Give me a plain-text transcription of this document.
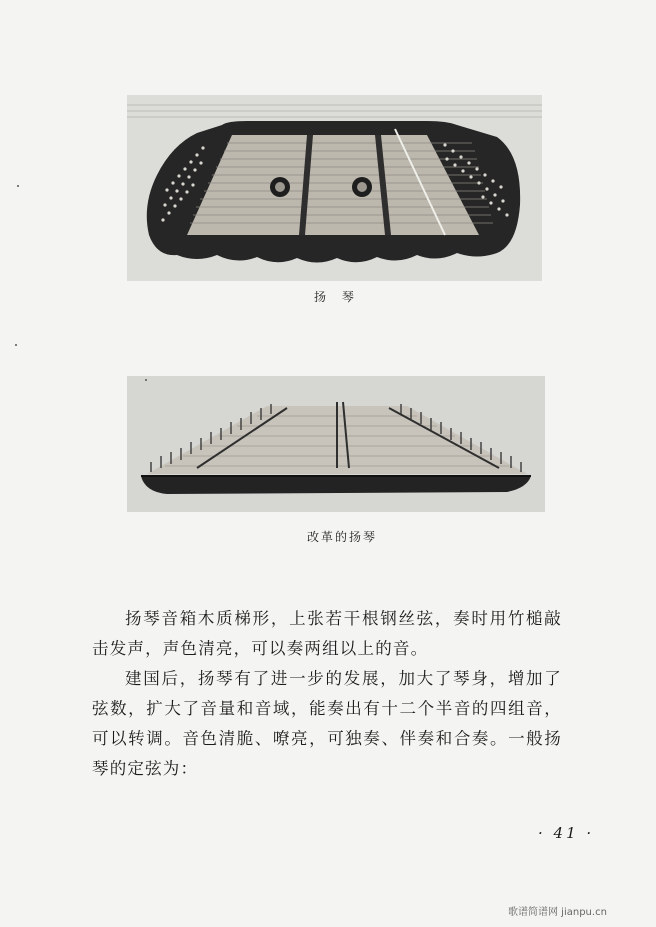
扬 琴
改革的扬琴

扬琴音箱木质梯形，上张若干根钢丝弦，奏时用竹槌敲击发声，声色清亮，可以奏两组以上的音。

建国后，扬琴有了进一步的发展，加大了琴身，增加了弦数，扩大了音量和音域，能奏出有十二个半音的四组音，可以转调。音色清脆、嘹亮，可独奏、伴奏和合奏。一般扬琴的定弦为：

· 41 ·
歌谱简谱网 jianpu.cn
